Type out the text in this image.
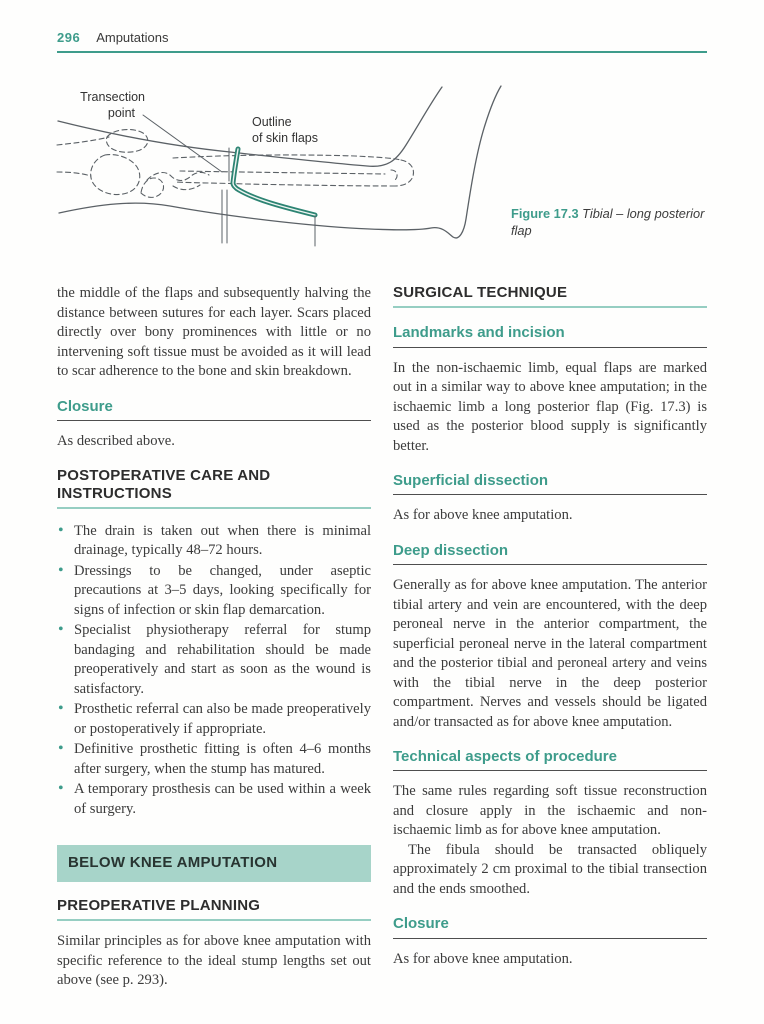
296 Amputations
Transection
point
Outline
of skin flaps
Figure 17.3 Tibial – long posterior flap

the middle of the flaps and subsequently halving the distance between sutures for each layer. Scars placed directly over bony prominences with little or no intervening soft tissue must be avoided as it will lead to scar adherence to the bone and skin breakdown.

Closure

As described above.

POSTOPERATIVE CARE AND INSTRUCTIONS
• The drain is taken out when there is minimal drainage, typically 48–72 hours.
• Dressings to be changed, under aseptic precautions at 3–5 days, looking specifically for signs of infection or skin flap demarcation.
• Specialist physiotherapy referral for stump bandaging and rehabilitation should be made preoperatively and start as soon as the wound is satisfactory.
• Prosthetic referral can also be made preoperatively or postoperatively if appropriate.
• Definitive prosthetic fitting is often 4–6 months after surgery, when the stump has matured.
• A temporary prosthesis can be used within a week of surgery.
BELOW KNEE AMPUTATION
PREOPERATIVE PLANNING

Similar principles as for above knee amputation with specific reference to the ideal stump lengths set out above (see p. 293).

SURGICAL TECHNIQUE
Landmarks and incision

In the non-ischaemic limb, equal flaps are marked out in a similar way to above knee amputation; in the ischaemic limb a long posterior flap (Fig. 17.3) is used as the posterior blood supply is significantly better.

Superficial dissection

As for above knee amputation.

Deep dissection

Generally as for above knee amputation. The anterior tibial artery and vein are encountered, with the deep peroneal nerve in the anterior compartment, the superficial peroneal nerve in the lateral compartment and the posterior tibial and peroneal artery and veins with the tibial nerve in the deep posterior compartment. Nerves and vessels should be ligated and/or transacted as for above knee amputation.

Technical aspects of procedure

The same rules regarding soft tissue reconstruction and closure apply in the ischaemic and non-ischaemic limb as for above knee amputation.

The fibula should be transacted obliquely approximately 2 cm proximal to the tibial transection and the ends smoothed.

Closure

As for above knee amputation.
